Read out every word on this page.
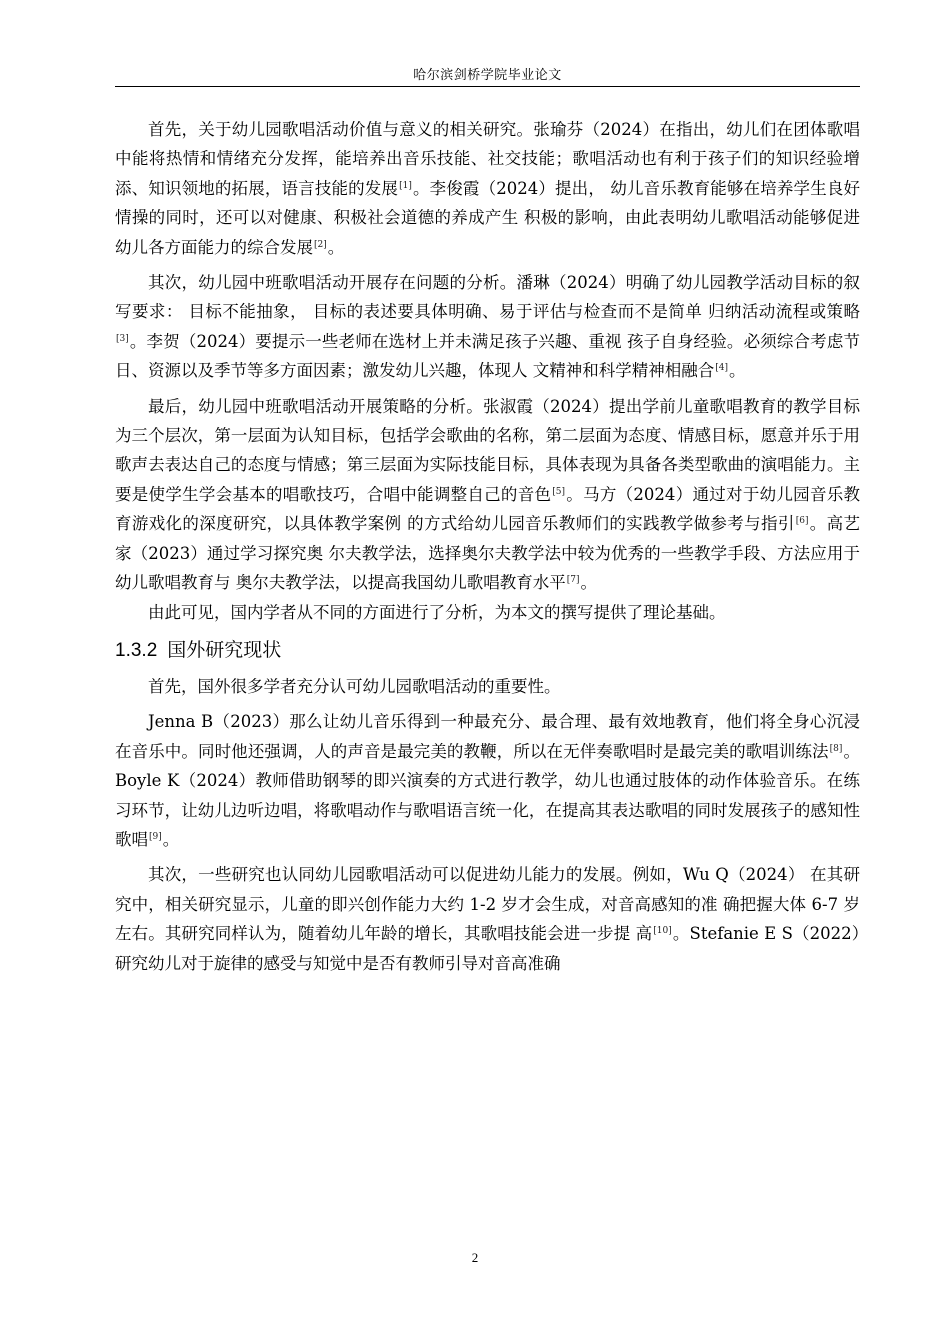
哈尔滨剑桥学院毕业论文

首先，关于幼儿园歌唱活动价值与意义的相关研究。张瑜芬（2024）在指出，幼儿们在团体歌唱中能将热情和情绪充分发挥，能培养出音乐技能、社交技能；歌唱活动也有利于孩子们的知识经验增添、知识领地的拓展，语言技能的发展[1]。李俊霞（2024）提出， 幼儿音乐教育能够在培养学生良好情操的同时，还可以对健康、积极社会道德的养成产生 积极的影响，由此表明幼儿歌唱活动能够促进幼儿各方面能力的综合发展[2]。

其次，幼儿园中班歌唱活动开展存在问题的分析。潘琳（2024）明确了幼儿园教学活动目标的叙写要求： 目标不能抽象， 目标的表述要具体明确、易于评估与检查而不是简单 归纳活动流程或策略[3]。李贺（2024）要提示一些老师在选材上并未满足孩子兴趣、重视 孩子自身经验。必须综合考虑节日、资源以及季节等多方面因素；激发幼儿兴趣，体现人 文精神和科学精神相融合[4]。

最后，幼儿园中班歌唱活动开展策略的分析。张淑霞（2024）提出学前儿童歌唱教育的教学目标为三个层次，第一层面为认知目标，包括学会歌曲的名称，第二层面为态度、情感目标，愿意并乐于用歌声去表达自己的态度与情感；第三层面为实际技能目标，具体表现为具备各类型歌曲的演唱能力。主要是使学生学会基本的唱歌技巧，合唱中能调整自己的音色[5]。马方（2024）通过对于幼儿园音乐教育游戏化的深度研究，以具体教学案例 的方式给幼儿园音乐教师们的实践教学做参考与指引[6]。高艺家（2023）通过学习探究奥 尔夫教学法，选择奥尔夫教学法中较为优秀的一些教学手段、方法应用于幼儿歌唱教育与 奥尔夫教学法，以提高我国幼儿歌唱教育水平[7]。

由此可见，国内学者从不同的方面进行了分析，为本文的撰写提供了理论基础。

1.3.2 国外研究现状

首先，国外很多学者充分认可幼儿园歌唱活动的重要性。

Jenna B（2023）那么让幼儿音乐得到一种最充分、最合理、最有效地教育，他们将全身心沉浸在音乐中。同时他还强调，人的声音是最完美的教鞭，所以在无伴奏歌唱时是最完美的歌唱训练法[8]。Boyle K（2024）教师借助钢琴的即兴演奏的方式进行教学，幼儿也通过肢体的动作体验音乐。在练习环节，让幼儿边听边唱，将歌唱动作与歌唱语言统一化，在提高其表达歌唱的同时发展孩子的感知性歌唱[9]。

其次，一些研究也认同幼儿园歌唱活动可以促进幼儿能力的发展。例如，Wu Q（2024） 在其研究中，相关研究显示，儿童的即兴创作能力大约 1-2 岁才会生成，对音高感知的准 确把握大体 6-7 岁左右。其研究同样认为，随着幼儿年龄的增长，其歌唱技能会进一步提 高[10]。Stefanie E S（2022）研究幼儿对于旋律的感受与知觉中是否有教师引导对音高准确

2
